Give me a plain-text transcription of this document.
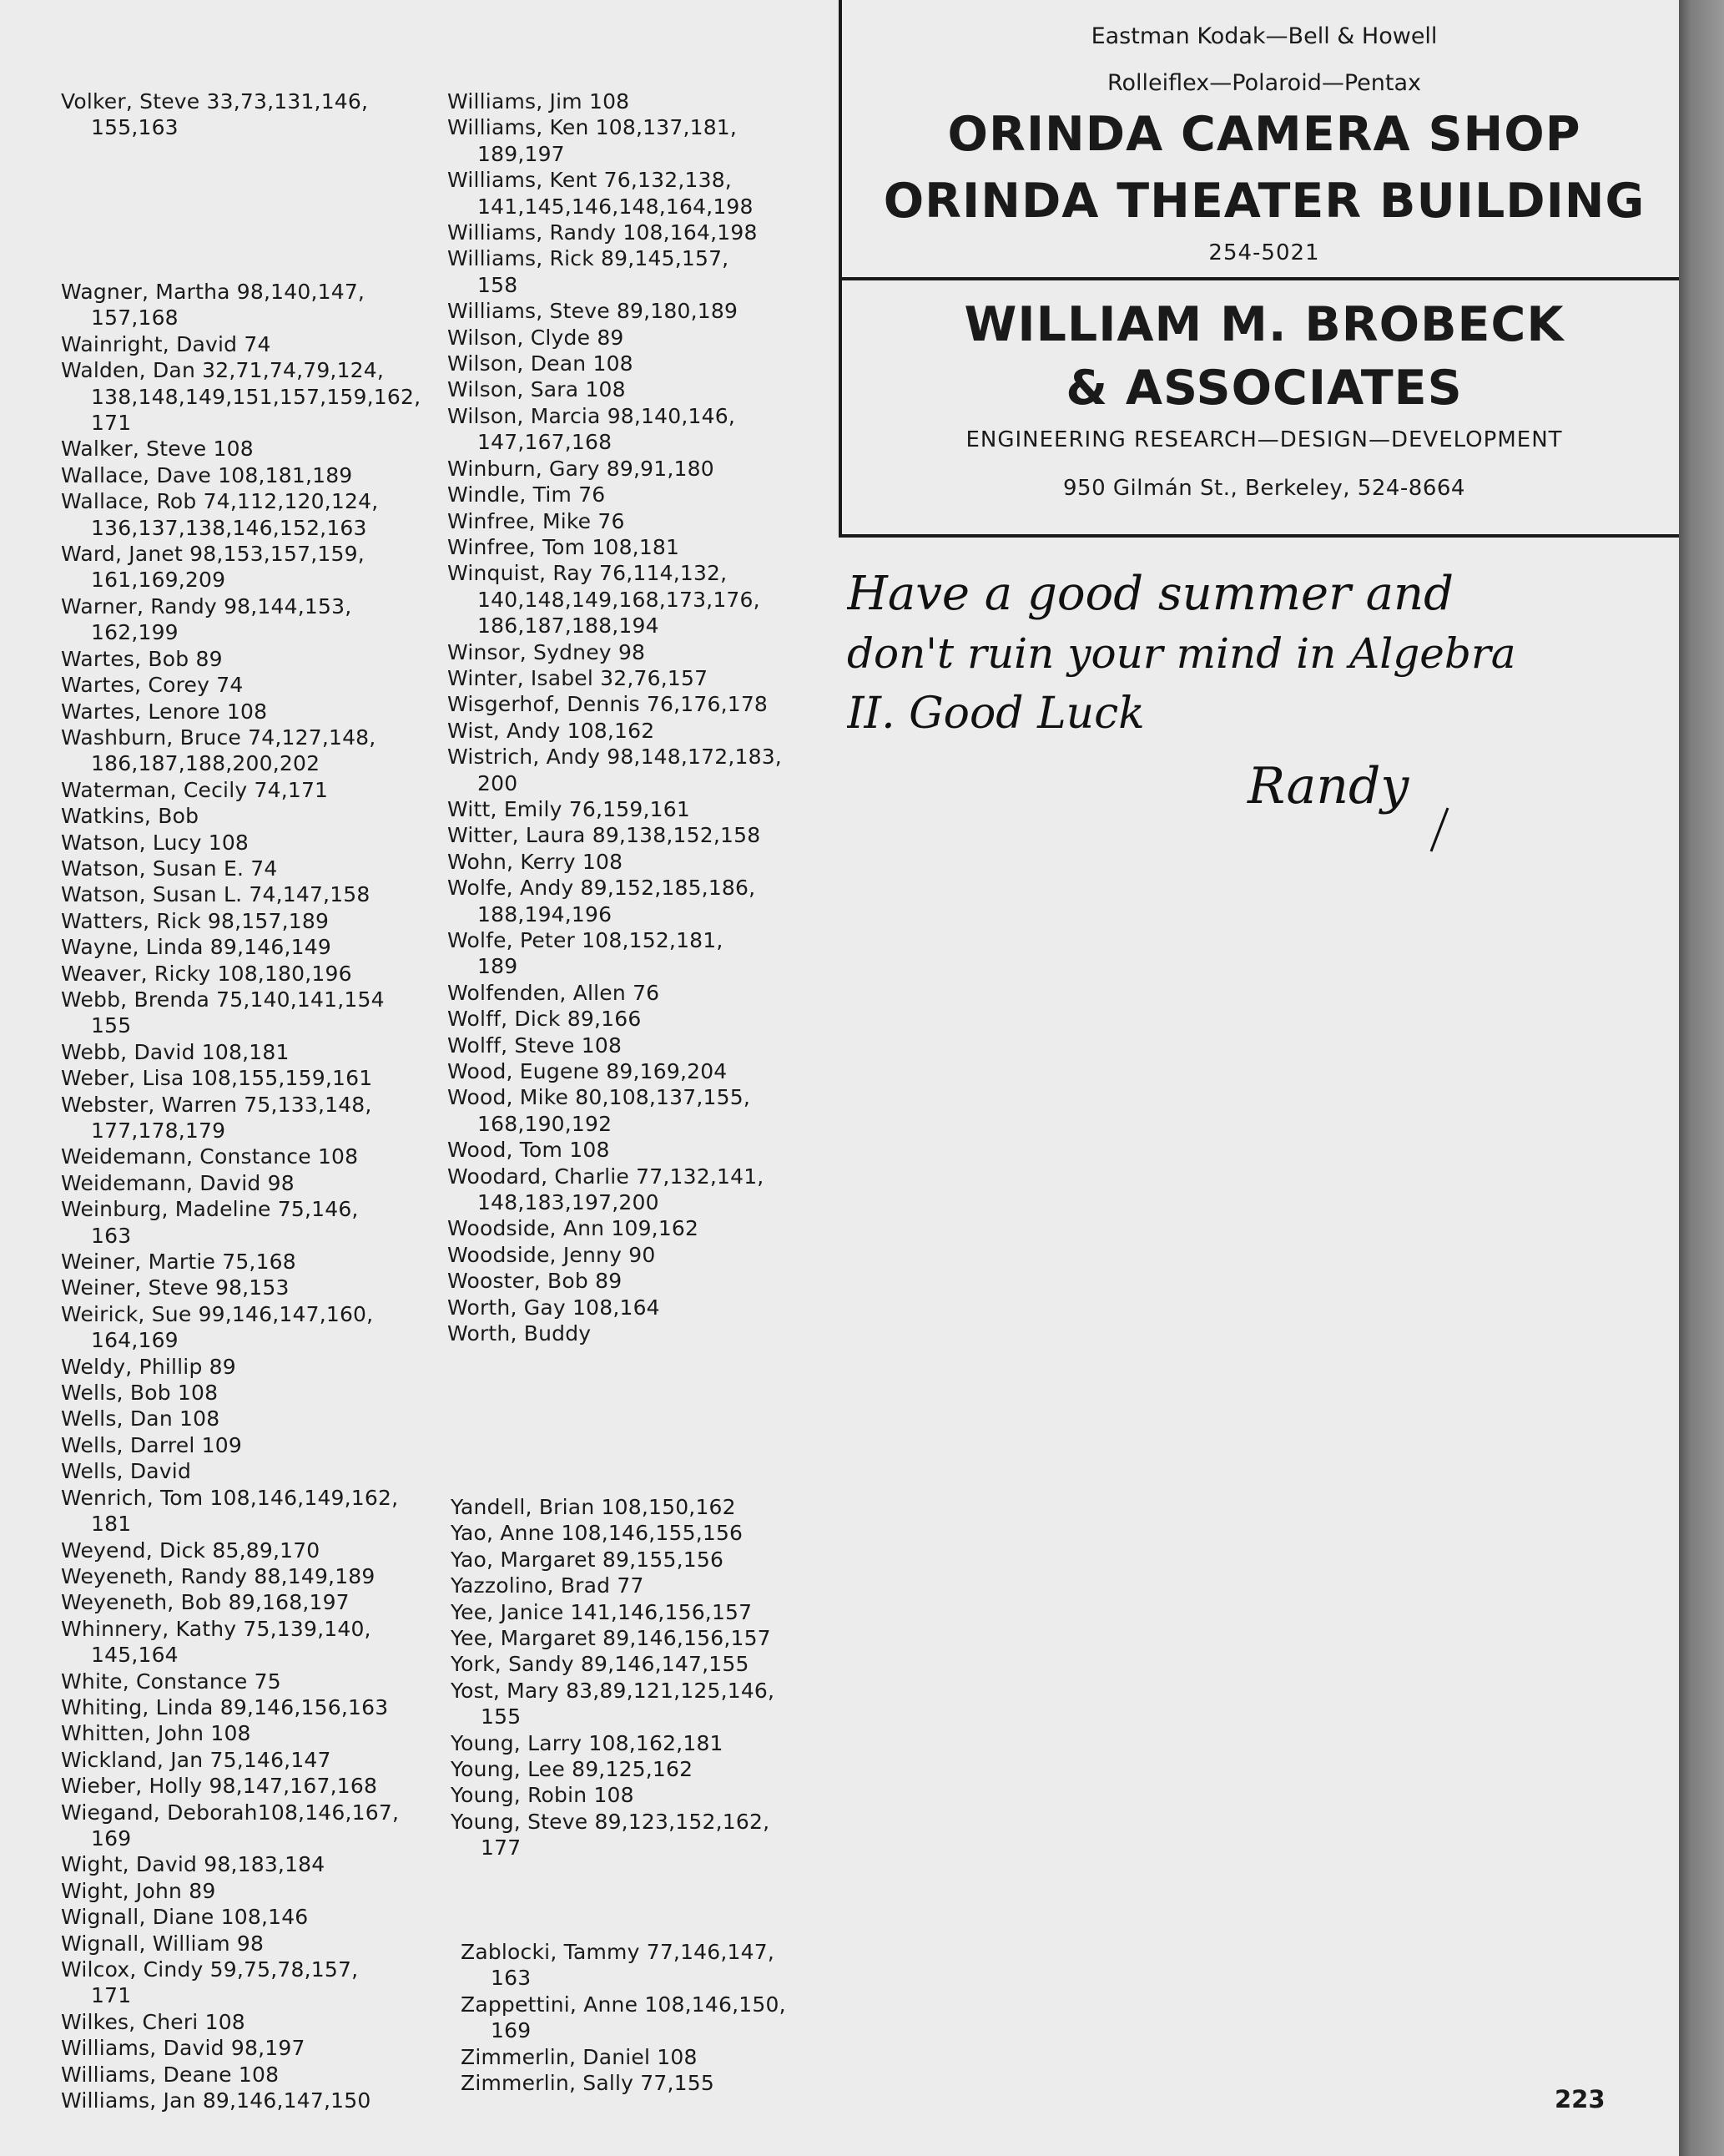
Volker, Steve 33,73,131,146,
155,163
Wagner, Martha 98,140,147,
157,168
Wainright, David 74
Walden, Dan 32,71,74,79,124,
138,148,149,151,157,159,162,
171
Walker, Steve 108
Wallace, Dave 108,181,189
Wallace, Rob 74,112,120,124,
136,137,138,146,152,163
Ward, Janet 98,153,157,159,
161,169,209
Warner, Randy 98,144,153,
162,199
Wartes, Bob 89
Wartes, Corey 74
Wartes, Lenore 108
Washburn, Bruce 74,127,148,
186,187,188,200,202
Waterman, Cecily 74,171
Watkins, Bob
Watson, Lucy 108
Watson, Susan E. 74
Watson, Susan L. 74,147,158
Watters, Rick 98,157,189
Wayne, Linda 89,146,149
Weaver, Ricky 108,180,196
Webb, Brenda 75,140,141,154
155
Webb, David 108,181
Weber, Lisa 108,155,159,161
Webster, Warren 75,133,148,
177,178,179
Weidemann, Constance 108
Weidemann, David 98
Weinburg, Madeline 75,146,
163
Weiner, Martie 75,168
Weiner, Steve 98,153
Weirick, Sue 99,146,147,160,
164,169
Weldy, Phillip 89
Wells, Bob 108
Wells, Dan 108
Wells, Darrel 109
Wells, David
Wenrich, Tom 108,146,149,162,
181
Weyend, Dick 85,89,170
Weyeneth, Randy 88,149,189
Weyeneth, Bob 89,168,197
Whinnery, Kathy 75,139,140,
145,164
White, Constance 75
Whiting, Linda 89,146,156,163
Whitten, John 108
Wickland, Jan 75,146,147
Wieber, Holly 98,147,167,168
Wiegand, Deborah108,146,167,
169
Wight, David 98,183,184
Wight, John 89
Wignall, Diane 108,146
Wignall, William 98
Wilcox, Cindy 59,75,78,157,
171
Wilkes, Cheri 108
Williams, David 98,197
Williams, Deane 108
Williams, Jan 89,146,147,150
Williams, Jim 108
Williams, Ken 108,137,181,
189,197
Williams, Kent 76,132,138,
141,145,146,148,164,198
Williams, Randy 108,164,198
Williams, Rick 89,145,157,
158
Williams, Steve 89,180,189
Wilson, Clyde 89
Wilson, Dean 108
Wilson, Sara 108
Wilson, Marcia 98,140,146,
147,167,168
Winburn, Gary 89,91,180
Windle, Tim 76
Winfree, Mike 76
Winfree, Tom 108,181
Winquist, Ray 76,114,132,
140,148,149,168,173,176,
186,187,188,194
Winsor, Sydney 98
Winter, Isabel 32,76,157
Wisgerhof, Dennis 76,176,178
Wist, Andy 108,162
Wistrich, Andy 98,148,172,183,
200
Witt, Emily 76,159,161
Witter, Laura 89,138,152,158
Wohn, Kerry 108
Wolfe, Andy 89,152,185,186,
188,194,196
Wolfe, Peter 108,152,181,
189
Wolfenden, Allen 76
Wolff, Dick 89,166
Wolff, Steve 108
Wood, Eugene 89,169,204
Wood, Mike 80,108,137,155,
168,190,192
Wood, Tom 108
Woodard, Charlie 77,132,141,
148,183,197,200
Woodside, Ann 109,162
Woodside, Jenny 90
Wooster, Bob 89
Worth, Gay 108,164
Worth, Buddy
Yandell, Brian 108,150,162
Yao, Anne 108,146,155,156
Yao, Margaret 89,155,156
Yazzolino, Brad 77
Yee, Janice 141,146,156,157
Yee, Margaret 89,146,156,157
York, Sandy 89,146,147,155
Yost, Mary 83,89,121,125,146,
155
Young, Larry 108,162,181
Young, Lee 89,125,162
Young, Robin 108
Young, Steve 89,123,152,162,
177
Zablocki, Tammy 77,146,147,
163
Zappettini, Anne 108,146,150,
169
Zimmerlin, Daniel 108
Zimmerlin, Sally 77,155
Eastman Kodak—Bell & Howell
Rolleiflex—Polaroid—Pentax
ORINDA CAMERA SHOP
ORINDA THEATER BUILDING
254-5021
WILLIAM M. BROBECK
& ASSOCIATES
ENGINEERING RESEARCH—DESIGN—DEVELOPMENT
950 Gilmán St., Berkeley, 524-8664
Have a good summer and
don't ruin your mind in Algebra
II. Good Luck
Randy
223
